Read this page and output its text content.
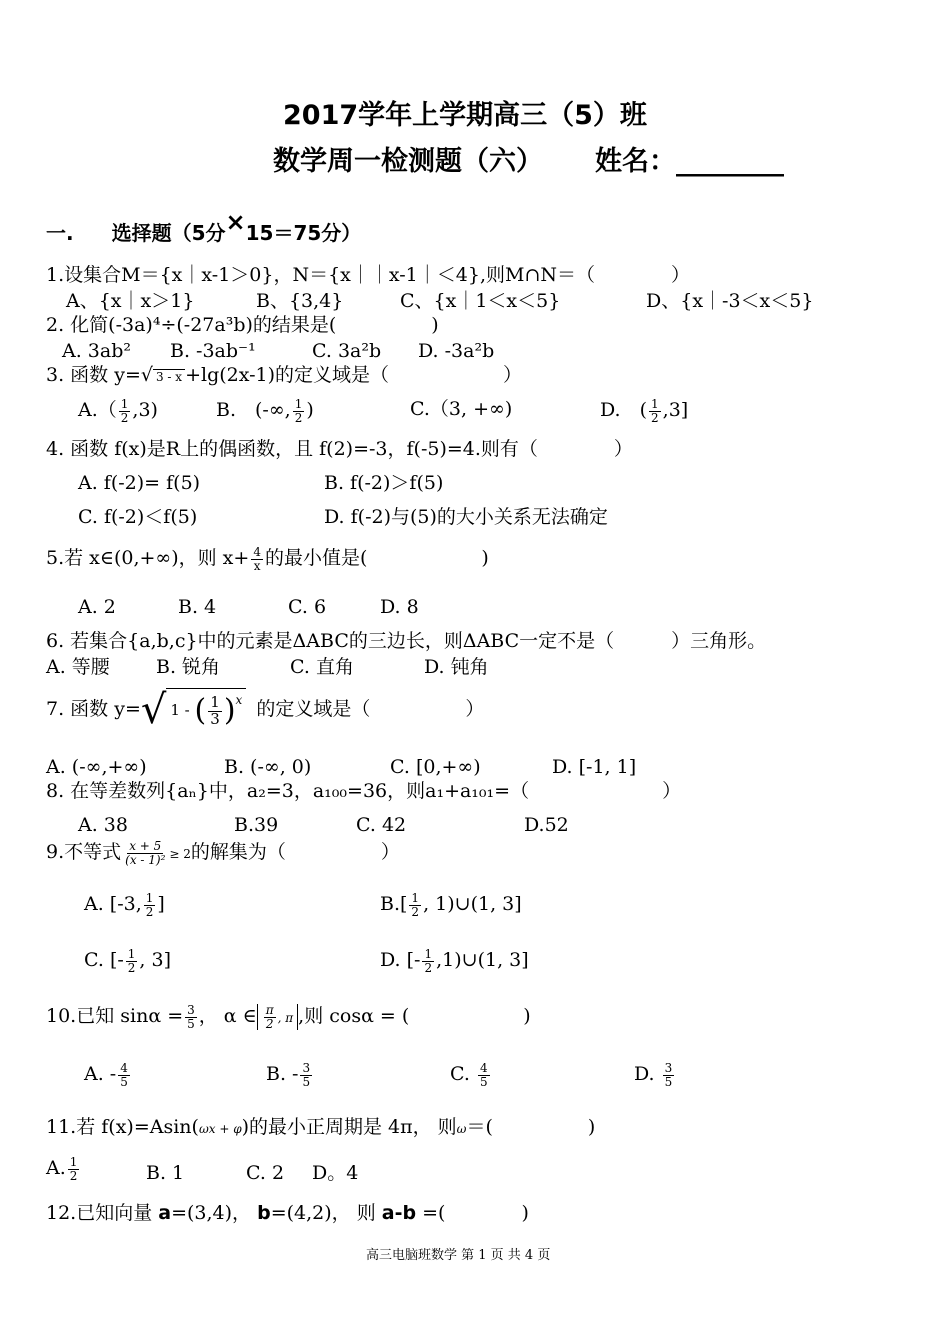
2017学年上学期高三（5）班
数学周一检测题（六） 姓名：________
一. 选择题（5分×15＝75分）
1.设集合M＝{x｜x-1＞0}，N＝{x｜｜x-1｜＜4},则M∩N＝（　　　　）
A、{x｜x＞1}	B、{3,4}	C、{x｜1＜x＜5}	D、{x｜-3＜x＜5}
2. 化简(-3a)⁴÷(-27a³b)的结果是(　　　　　)
A. 3ab² B. -3ab⁻¹	C. 3a²b D. -3a²b
3. 函数 y=√ 3 - x +lg(2x-1)的定义域是（　　　　　　）
$A.( \frac{1}{2} ,3)$	B.　(-∞, $\frac{1}{2}$ )	C.（3, +∞)	D.　( $\frac{1}{2} ,3$]
4. 函数 f(x)是R上的偶函数，且 f(2)=-3，f(-5)=4.则有（　　　　）
A. f(-2)= f(5)	B. f(-2)＞f(5)
C. f(-2)＜f(5)	D. f(-2)与(5)的大小关系无法确定
5.若 x∈(0,+∞)，则 $x+ \frac{4}{x}$ 的最小值是(　　　　　　)
A. 2	B. 4	C. 6	D. 8
6. 若集合{a,b,c}中的元素是ΔABC的三边长，则ΔABC一定不是（　　　）三角形。
A. 等腰 B. 锐角	C. 直角	D. 钝角
7. 函数 y=√ 1 - ( $\frac{1}{3} )^x$ 的定义域是（　　　　　）
A. (-∞,+∞)	B. (-∞, 0)	C. [0,+∞)	D. [-1, 1]
8. 在等差数列{aₙ}中，a₂=3，a₁₀₀=36，则a₁+a₁₀₁=（　　　　　　　）
A. 38	B.39	C. 42	D.52
9.不等式 $\frac{x + 5}{\text{(x - 1)²}} \ge 2$的解集为（　　　　　）
A. [-3, $\frac{1}{2}$ ]	$B.[ \frac{1}{2}$ , 1)∪(1, 3]
C. [- $\frac{1}{2}$ , 3]	D. [- $\frac{1}{2}$ ,1)∪(1, 3]
10.已知 $\sin\alpha = \frac{3}{5}$ ， α ∈ $\frac{\pi}{2}$ , π ,则 cosα = (　　　　　　)
A. - $\frac{4}{5}$	B. - $\frac{3}{5}$	C. $\frac{4}{5}$	D. $\frac{3}{5}$
11.若 f(x)=Asin(ωx + φ)的最小正周期是 4π， 则ω＝(　　　　　)
A. $\frac{1}{2}$	B. 1	C. 2 D。4
12.已知向量 a=(3,4)， b=(4,2)， 则 a-b =(　　　　)
高三电脑班数学 第 1 页 共 4 页
